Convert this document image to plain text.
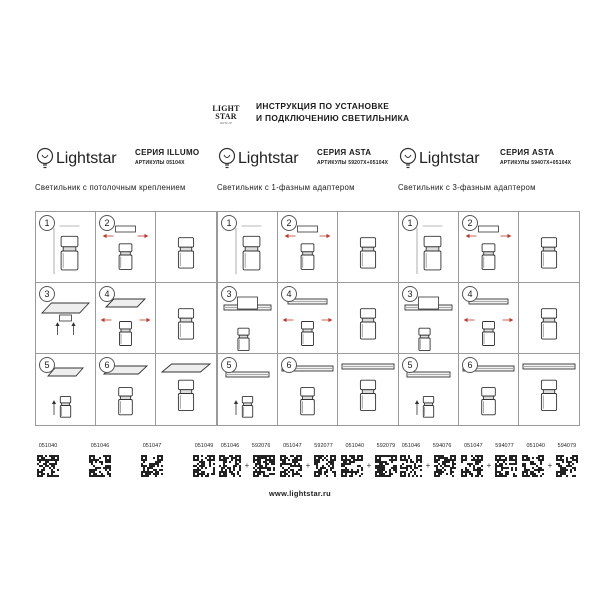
LIGHT
STAR
GROUP
ИНСТРУКЦИЯ ПО УСТАНОВКЕ
И ПОДКЛЮЧЕНИЮ СВЕТИЛЬНИКА
Lightstar СЕРИЯ ILLUMO
АРТИКУЛЫ 05104X
Светильник с потолочным креплением
1	2
3	4
5	6
051040	051046	051047	051049
Lightstar СЕРИЯ ASTA
АРТИКУЛЫ 59207X+05104X
Светильник с 1-фазным адаптером
1	2
3	4
5	6
051046	592076	051047	592077	051040	592079
+	+	+
Lightstar	СЕРИЯ ASTA
АРТИКУЛЫ 59407X+05104X
Светильник с 3-фазным адаптером
1	2
3	4
5	6
051046	594076	051047	594077	051040	594079
+	+	+
www.lightstar.ru
